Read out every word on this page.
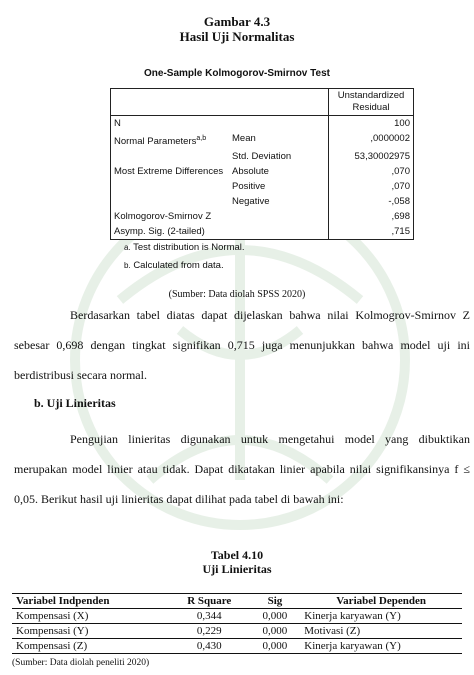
Gambar 4.3
Hasil Uji Normalitas
One-Sample Kolmogorov-Smirnov Test
		Unstandardized Residual
N		100
Normal Parameters$^{a,b}$	Mean	,0000002
	Std. Deviation	53,30002975
Most Extreme Differences	Absolute	,070
	Positive	,070
	Negative	-,058
Kolmogorov-Smirnov Z		,698
Asymp. Sig. (2-tailed)		,715
a. Test distribution is Normal.
b. Calculated from data.
(Sumber: Data diolah SPSS 2020)
Berdasarkan tabel diatas dapat dijelaskan bahwa nilai Kolmogrov-Smirnov Z sebesar 0,698 dengan tingkat signifikan 0,715 juga menunjukkan bahwa model uji ini berdistribusi secara normal.
b. Uji Linieritas
Pengujian linieritas digunakan untuk mengetahui model yang dibuktikan merupakan model linier atau tidak. Dapat dikatakan linier apabila nilai signifikansinya f ≤ 0,05. Berikut hasil uji linieritas dapat dilihat pada tabel di bawah ini:
Tabel 4.10
Uji Linieritas
Variabel Indpenden	R Square	Sig	Variabel Dependen
Kompensasi (X)	0,344	0,000	Kinerja karyawan (Y)
Kompensasi (Y)	0,229	0,000	Motivasi (Z)
Kompensasi (Z)	0,430	0,000	Kinerja karyawan (Y)
(Sumber: Data diolah peneliti 2020)
